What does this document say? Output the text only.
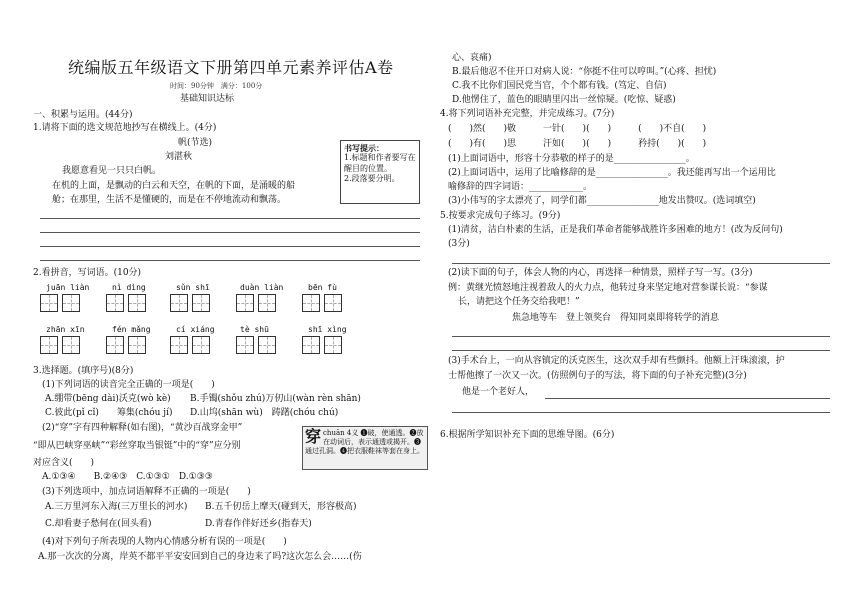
统编版五年级语文下册第四单元素养评估A卷
时间：90分钟　满分：100分
基础知识达标
一、积累与运用。(44分)
1.请将下面的选文规范地抄写在横线上。(4分)
帆(节选)
刘湛秋
我愿意看见一只只白帆。
在机的上面，是飘动的白云和天空，在帆的下面，是涌暖的船
舱；在那里，生活不是懂硬的，而是在不停地流动和飘荡。
书写提示：
1.标题和作者要写在醒目的位置。
2.段落要分明。
2.看拼音，写词语。(10分)
juān liàn	nì dìng	sǔn shī	duàn liàn	bēn fù
zhān xīn	fén mǎng	cí xiáng	tè shū	shī xìng
3.选择题。(填序号)(8分)
(1)下列词语的读音完全正确的一项是(　　)
A.绷带(bēng dài)沃克(wò kè) B.手镯(shǒu zhú)万仞山(wàn rèn shān)
C.彼此(pǐ cǐ)　　筹集(chóu jí) D.山坞(shān wù)　踌躇(chóu chú)
(2)“穿”字有四种解释(如右图)，“黄沙百战穿金甲”
“即从巴峡穿巫峡”“彩丝穿取当银铤”中的“穿”应分别
对应含义(　　)
穿 chuān 4义 ❶破，使通透。❷放在动词后，表示通透或揭开。❸通过孔洞。❹把衣服鞋袜等套在身上。
A.①③④　　B.②④③　C.①③①　D.①③③
(3)下列选项中，加点词语解释不正确的一项是(　　)
A.三万里河东入海(三万里长的河水) B.五千仞岳上摩天(碰到天，形容极高)
C.却看妻子愁何在(回头看)	D.青春作伴好还乡(指春天)
(4)对下列句子所表现的人物内心情感分析有误的一项是(　　)
A.那一次次的分离，岸英不都平平安安回到自己的身边来了吗?这次怎么会……(伤
心、哀痛)
B.最后他忍不住开口对病人说：“你挺不住可以哼叫。”(心疼、担忧)
C.我不比你们国民党当官，个个都有钱。(笃定、自信)
D.他愣住了，蓝色的眼睛里闪出一丝惊疑。(吃惊、疑惑)
4.将下列词语补充完整，并完成练习。(7分)
(　　)然(　　)敬　　　一针(　　)(　　)　　　(　　)不自(　　)
(　　)有(　　)思　　　汗如(　　)(　　)　　　矜持(　　)(　　)
(1)上面词语中，形容十分恭敬的样子的是________________。
(2)上面词语中，运用了比喻修辞的是________________。我还能再写出一个运用比
喻修辞的四字词语：____________。
(3)小伟写的字太漂亮了，同学们都________________地发出赞叹。(选词填空)
5.按要求完成句子练习。(9分)
(1)清贫，洁白朴素的生活，正是我们革命者能够战胜许多困难的地方！(改为反问句)
(3分)
(2)读下面的句子，体会人物的内心，再选择一种情景，照样子写一写。(3分)
例：黄继光愤怒地注视着敌人的火力点，他转过身来坚定地对营参谋长说：“参谋
长，请把这个任务交给我吧！”
焦急地等车　登上领奖台　得知同桌即将转学的消息
(3)手术台上，一向从容镇定的沃克医生，这次双手却有些颤抖。他额上汗珠滚滚，护
士帮他擦了一次又一次。(仿照例句子的写法，将下面的句子补充完整)(3分)
他是一个老好人，
6.根据所学知识补充下面的思维导图。(6分)
